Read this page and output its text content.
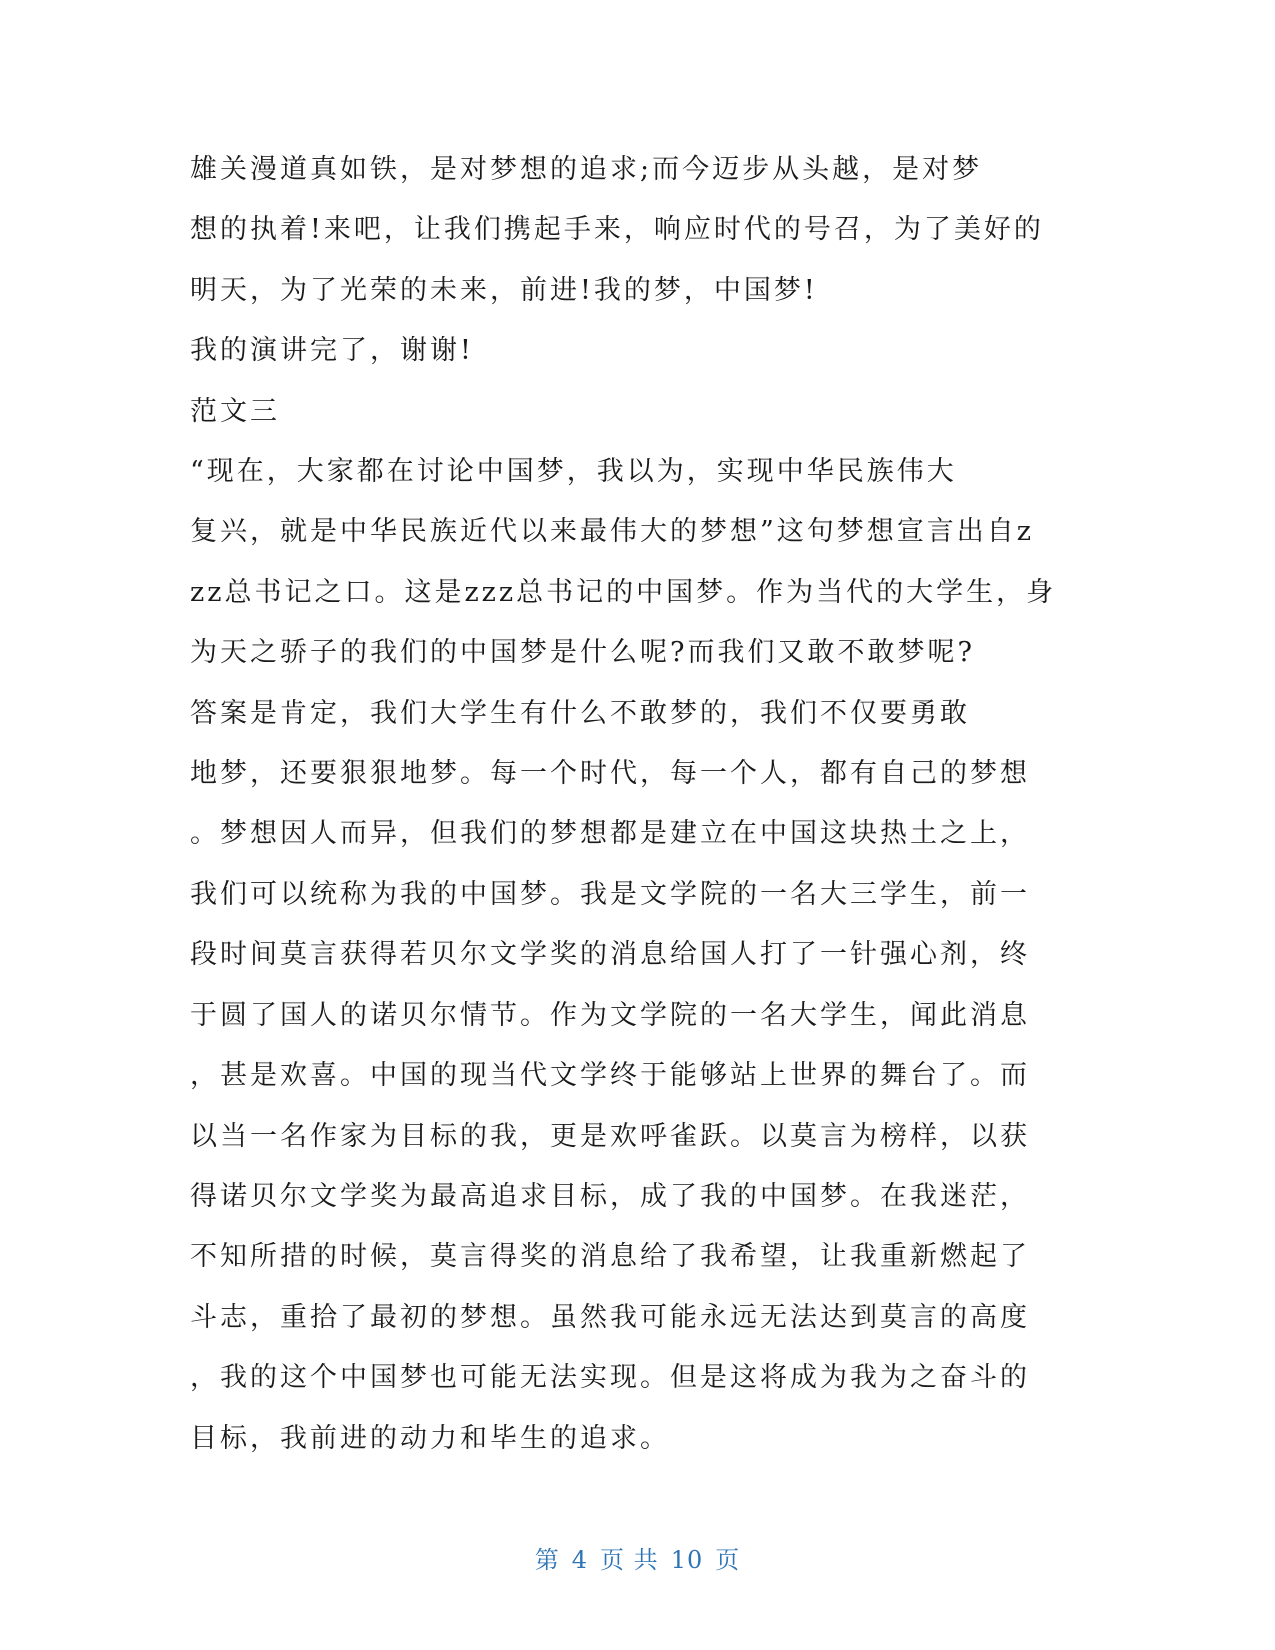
雄关漫道真如铁，是对梦想的追求;而今迈步从头越，是对梦
想的执着!来吧，让我们携起手来，响应时代的号召，为了美好的
明天，为了光荣的未来，前进!我的梦，中国梦!

我的演讲完了，谢谢!

范文三

“现在，大家都在讨论中国梦，我以为，实现中华民族伟大
复兴，就是中华民族近代以来最伟大的梦想”这句梦想宣言出自z
zz总书记之口。这是zzz总书记的中国梦。作为当代的大学生，身
为天之骄子的我们的中国梦是什么呢?而我们又敢不敢梦呢?

答案是肯定，我们大学生有什么不敢梦的，我们不仅要勇敢
地梦，还要狠狠地梦。每一个时代，每一个人，都有自己的梦想
。梦想因人而异，但我们的梦想都是建立在中国这块热土之上，
我们可以统称为我的中国梦。我是文学院的一名大三学生，前一
段时间莫言获得若贝尔文学奖的消息给国人打了一针强心剂，终
于圆了国人的诺贝尔情节。作为文学院的一名大学生，闻此消息
，甚是欢喜。中国的现当代文学终于能够站上世界的舞台了。而
以当一名作家为目标的我，更是欢呼雀跃。以莫言为榜样，以获
得诺贝尔文学奖为最高追求目标，成了我的中国梦。在我迷茫，
不知所措的时候，莫言得奖的消息给了我希望，让我重新燃起了
斗志，重拾了最初的梦想。虽然我可能永远无法达到莫言的高度
，我的这个中国梦也可能无法实现。但是这将成为我为之奋斗的
目标，我前进的动力和毕生的追求。

第 4 页 共 10 页
